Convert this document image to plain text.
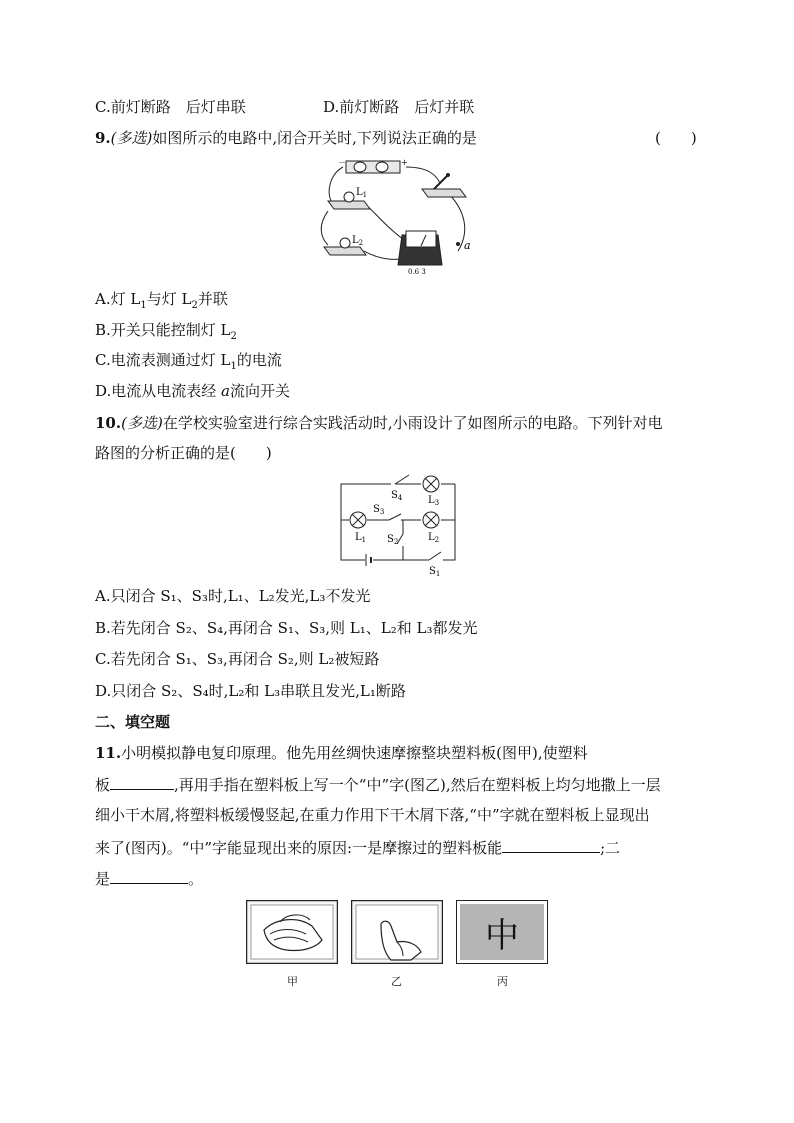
C.前灯断路　后灯串联	D.前灯断路　后灯并联
9.(多选)如图所示的电路中,闭合开关时,下列说法正确的是	(　　)
－	+
$L_1$
$L_2$
0.6 3
a
A.灯 $L_1$与灯 $L_2$并联
B.开关只能控制灯 $L_2$
C.电流表测通过灯 $L_1$的电流
D.电流从电流表经 a流向开关
10.(多选)在学校实验室进行综合实践活动时,小雨设计了如图所示的电路。下列针对电
路图的分析正确的是(　　)
$S_4$	$L_3$
$S_3$
$L_1$ $S_2$	$L_2$
$S_1$
A.只闭合 S₁、S₃时,L₁、L₂发光,L₃不发光
B.若先闭合 S₂、S₄,再闭合 S₁、S₃,则 L₁、L₂和 L₃都发光
C.若先闭合 S₁、S₃,再闭合 S₂,则 L₂被短路
D.只闭合 S₂、S₄时,L₂和 L₃串联且发光,L₁断路
二、填空题
11.小明模拟静电复印原理。他先用丝绸快速摩擦整块塑料板(图甲),使塑料
板	,再用手指在塑料板上写一个“中”字(图乙),然后在塑料板上均匀地撒上一层
细小干木屑,将塑料板缓慢竖起,在重力作用下干木屑下落,“中”字就在塑料板上显现出
来了(图丙)。“中”字能显现出来的原因:一是摩擦过的塑料板能	;二
是	。
中
甲	乙	丙
